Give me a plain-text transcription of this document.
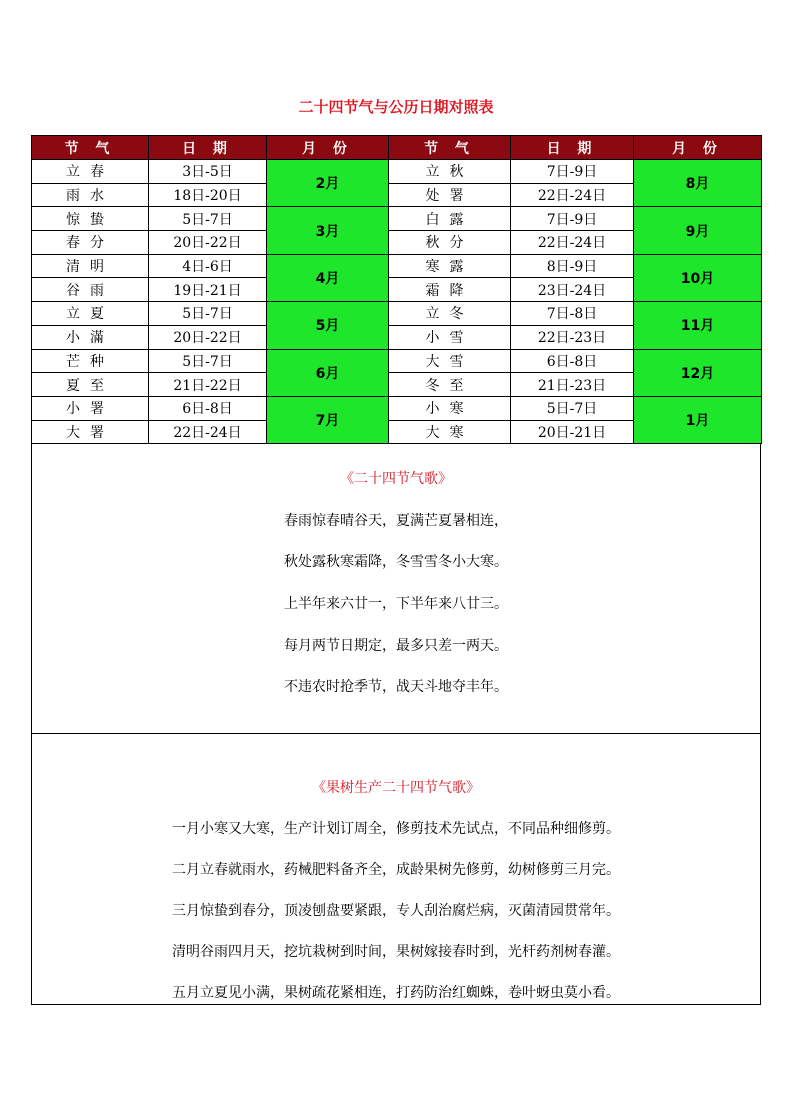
二十四节气与公历日期对照表
节 气	日 期	月 份	节 气	日 期	月 份
立春	3日-5日	2月	立秋	7日-9日	8月
雨水	18日-20日		处署	22日-24日	
惊蛰	5日-7日	3月	白露	7日-9日	9月
春分	20日-22日		秋分	22日-24日	
清明	4日-6日	4月	寒露	8日-9日	10月
谷雨	19日-21日		霜降	23日-24日	
立夏	5日-7日	5月	立冬	7日-8日	11月
小滿	20日-22日		小雪	22日-23日	
芒种	5日-7日	6月	大雪	6日-8日	12月
夏至	21日-22日		冬至	21日-23日	
小署	6日-8日	7月	小寒	5日-7日	1月
大署	22日-24日		大寒	20日-21日	
《二十四节气歌》
春雨惊春晴谷天，夏满芒夏暑相连，
秋处露秋寒霜降，冬雪雪冬小大寒。
上半年来六廿一，下半年来八廿三。
每月两节日期定，最多只差一两天。
不违农时抢季节，战天斗地夺丰年。
《果树生产二十四节气歌》
一月小寒又大寒，生产计划订周全，修剪技术先试点，不同品种细修剪。
二月立春就雨水，药械肥料备齐全，成龄果树先修剪，幼树修剪三月完。
三月惊蛰到春分，顶凌刨盘要紧跟，专人刮治腐烂病，灭菌清园贯常年。
清明谷雨四月天，挖坑栽树到时间，果树嫁接春时到，光杆药剂树春灌。
五月立夏见小满，果树疏花紧相连，打药防治红蜘蛛，卷叶蚜虫莫小看。
